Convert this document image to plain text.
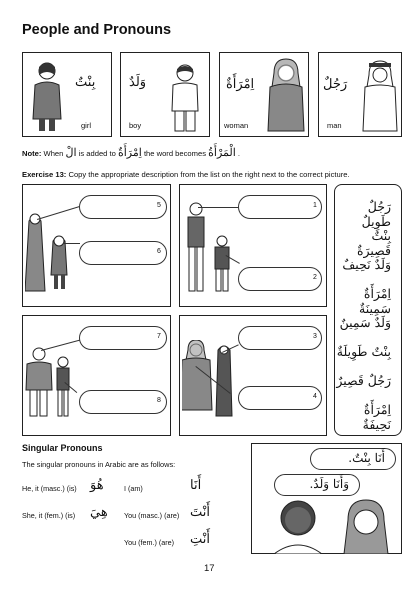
People and Pronouns
بِنْتٌ
girl
وَلَدٌ
boy
اِمْرَأَةٌ
woman
رَجُلٌ
man
Note: When الْ is added to اِمْرَأَةٌ the word becomes الْمَرْأَةُ .
Exercise 13: Copy the appropriate description from the list on the right next to the correct picture.
5
6
1
2
7
8
3
4
رَجُلٌ طَوِيلٌ
بِنْتٌ قَصِيرَةٌ
وَلَدٌ نَحِيفٌ
اِمْرَأَةٌ سَمِينَةٌ
وَلَدٌ سَمِينٌ
بِنْتٌ طَوِيلَةٌ
رَجُلٌ قَصِيرٌ
اِمْرَأَةٌ نَحِيفَةٌ
Singular Pronouns
The singular pronouns in Arabic are as follows:
He, it (masc.) (is) هُوَ	I (am)	أَنَا
She, it (fem.) (is) هِيَ You (masc.) (are) أَنْتَ
You (fem.) (are) أَنْتِ
أَنَا بِنْتٌ.
وَأَنَا وَلَدٌ.
17
